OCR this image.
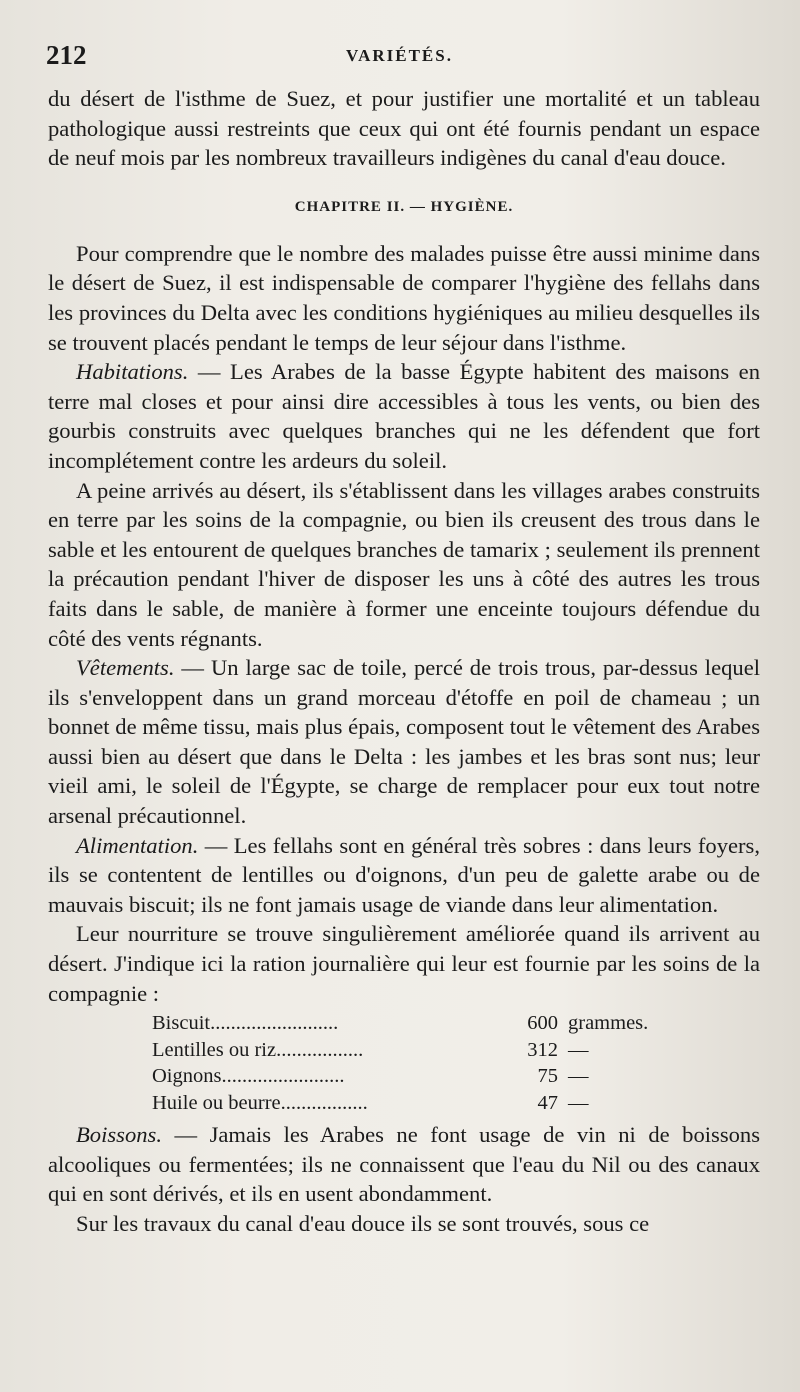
212	VARIÉTÉS.

du désert de l'isthme de Suez, et pour justifier une mortalité et un tableau pathologique aussi restreints que ceux qui ont été fournis pendant un espace de neuf mois par les nombreux travailleurs indigènes du canal d'eau douce.

CHAPITRE II. — HYGIÈNE.

Pour comprendre que le nombre des malades puisse être aussi minime dans le désert de Suez, il est indispensable de comparer l'hygiène des fellahs dans les provinces du Delta avec les conditions hygiéniques au milieu desquelles ils se trouvent placés pendant le temps de leur séjour dans l'isthme.

Habitations. — Les Arabes de la basse Égypte habitent des maisons en terre mal closes et pour ainsi dire accessibles à tous les vents, ou bien des gourbis construits avec quelques branches qui ne les défendent que fort incomplétement contre les ardeurs du soleil.

A peine arrivés au désert, ils s'établissent dans les villages arabes construits en terre par les soins de la compagnie, ou bien ils creusent des trous dans le sable et les entourent de quelques branches de tamarix ; seulement ils prennent la précaution pendant l'hiver de disposer les uns à côté des autres les trous faits dans le sable, de manière à former une enceinte toujours défendue du côté des vents régnants.

Vêtements. — Un large sac de toile, percé de trois trous, par-dessus lequel ils s'enveloppent dans un grand morceau d'étoffe en poil de chameau ; un bonnet de même tissu, mais plus épais, composent tout le vêtement des Arabes aussi bien au désert que dans le Delta : les jambes et les bras sont nus; leur vieil ami, le soleil de l'Égypte, se charge de remplacer pour eux tout notre arsenal précautionnel.

Alimentation. — Les fellahs sont en général très sobres : dans leurs foyers, ils se contentent de lentilles ou d'oignons, d'un peu de galette arabe ou de mauvais biscuit; ils ne font jamais usage de viande dans leur alimentation.

Leur nourriture se trouve singulièrement améliorée quand ils arrivent au désert. J'indique ici la ration journalière qui leur est fournie par les soins de la compagnie :

Biscuit.........................	600 grammes.
Lentilles ou riz.................	312 —
Oignons........................	75 —
Huile ou beurre.................	47 —

Boissons. — Jamais les Arabes ne font usage de vin ni de boissons alcooliques ou fermentées; ils ne connaissent que l'eau du Nil ou des canaux qui en sont dérivés, et ils en usent abondamment.

Sur les travaux du canal d'eau douce ils se sont trouvés, sous ce
